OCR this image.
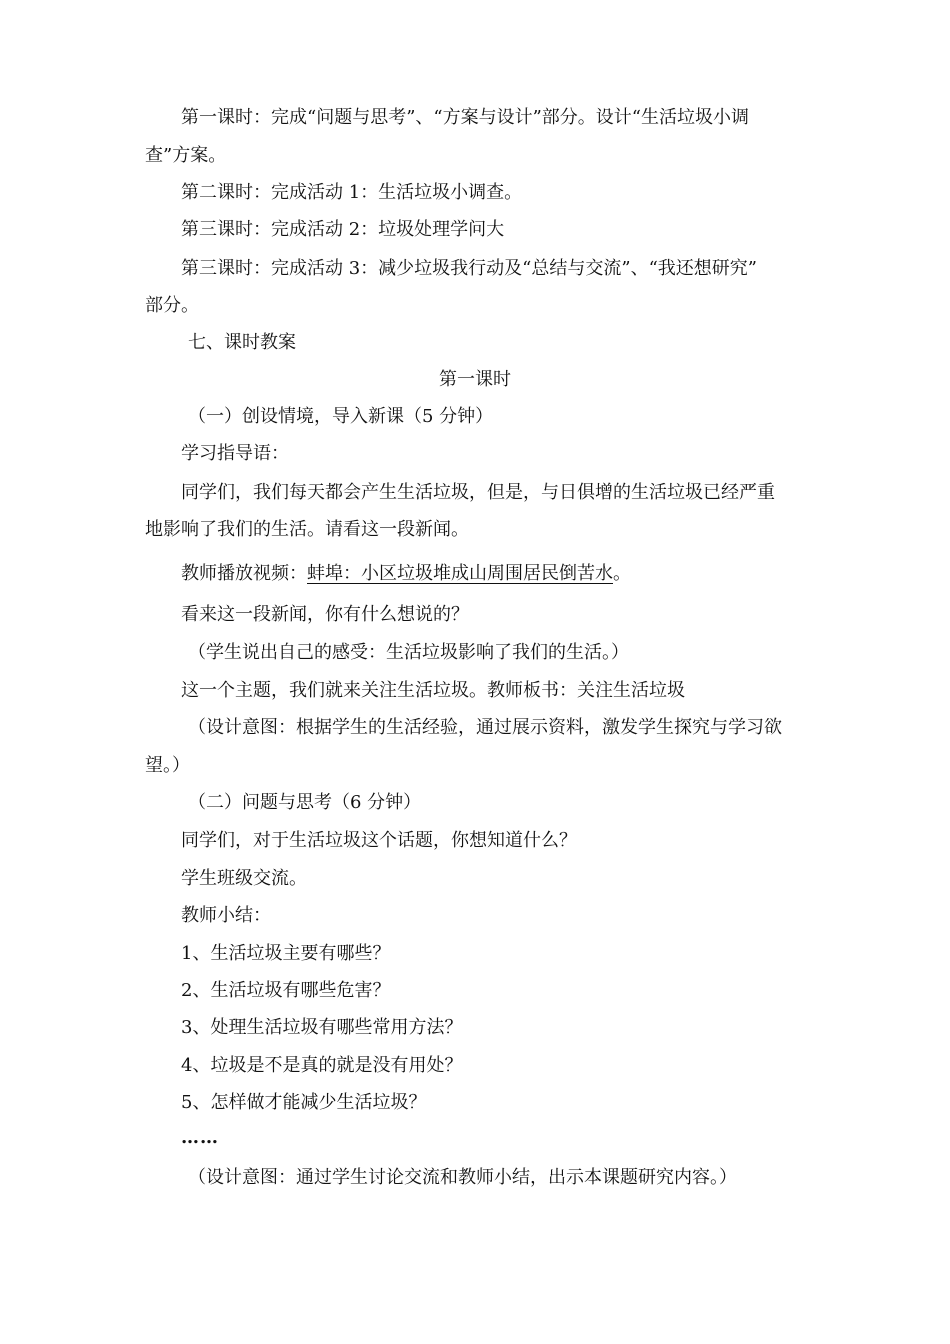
第一课时：完成“问题与思考”、“方案与设计”部分。设计“生活垃圾小调
查”方案。
第二课时：完成活动 1：生活垃圾小调查。
第三课时：完成活动 2：垃圾处理学问大
第三课时：完成活动 3：减少垃圾我行动及“总结与交流”、“我还想研究”
部分。
七、课时教案
第一课时
（一）创设情境，导入新课（5 分钟）
学习指导语：
同学们，我们每天都会产生生活垃圾，但是，与日俱增的生活垃圾已经严重
地影响了我们的生活。请看这一段新闻。
教师播放视频：蚌埠：小区垃圾堆成山周围居民倒苦水。
看来这一段新闻，你有什么想说的？
（学生说出自己的感受：生活垃圾影响了我们的生活。）
这一个主题，我们就来关注生活垃圾。教师板书：关注生活垃圾
（设计意图：根据学生的生活经验，通过展示资料，激发学生探究与学习欲
望。）
（二）问题与思考（6 分钟）
同学们，对于生活垃圾这个话题，你想知道什么？
学生班级交流。
教师小结：
1、生活垃圾主要有哪些？
2、生活垃圾有哪些危害？
3、处理生活垃圾有哪些常用方法？
4、垃圾是不是真的就是没有用处？
5、怎样做才能减少生活垃圾？
……
（设计意图：通过学生讨论交流和教师小结，出示本课题研究内容。）
